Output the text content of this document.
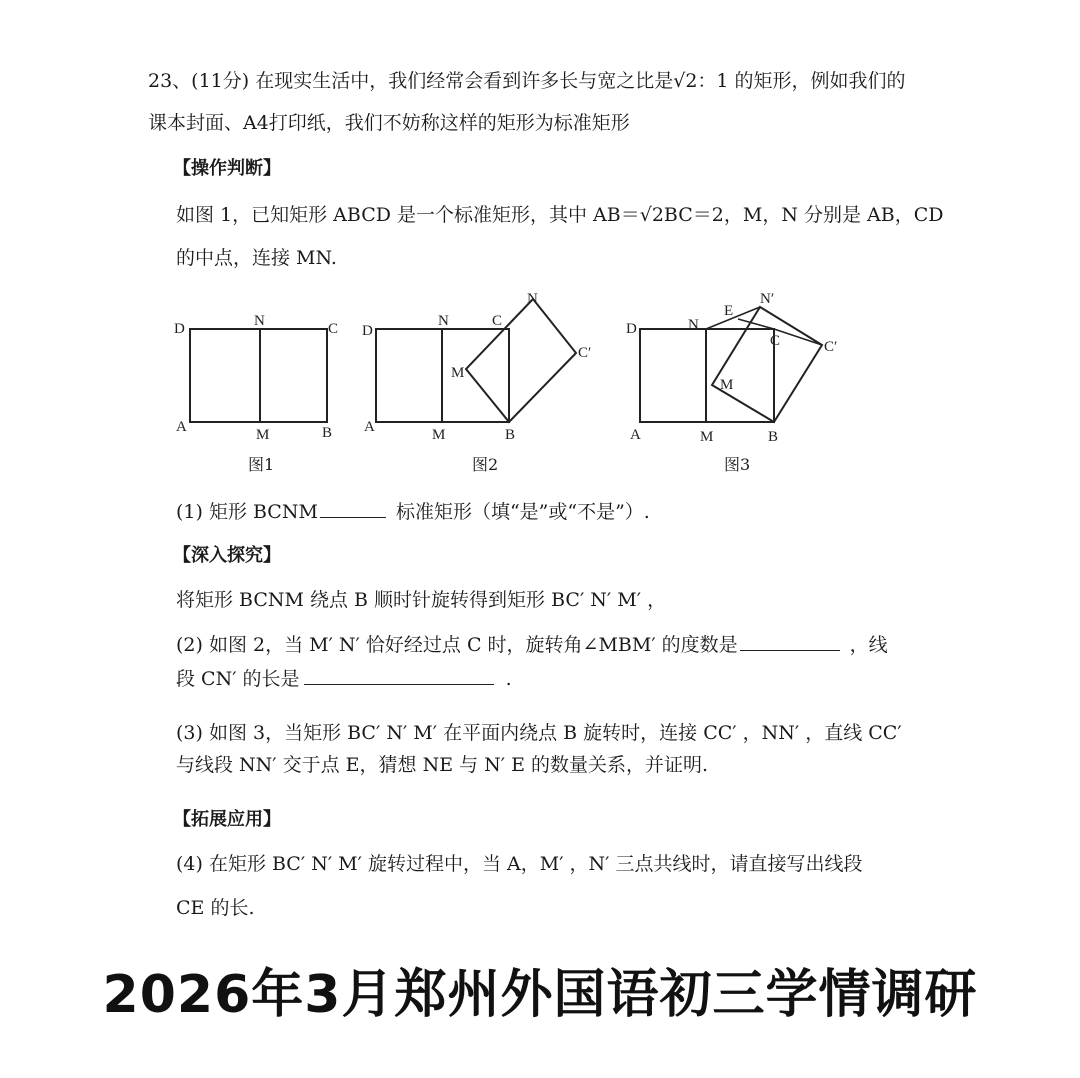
23、(11分) 在现实生活中，我们经常会看到许多长与宽之比是√2：1 的矩形，例如我们的
课本封面、A4打印纸，我们不妨称这样的矩形为标准矩形
【操作判断】
如图 1，已知矩形 ABCD 是一个标准矩形，其中 AB＝√2BC＝2，M，N 分别是 AB，CD
的中点，连接 MN.
D	N	C
A	M	B
图1
D
N	C
N
C′
M
A	M	B
图2
D	N
E
N′
C	C′
M
A	M	B
图3
(1) 矩形 BCNM	标准矩形（填“是”或“不是”）.
【深入探究】
将矩形 BCNM 绕点 B 顺时针旋转得到矩形 BC′ N′ M′ ，
(2) 如图 2，当 M′ N′ 恰好经过点 C 时，旋转角∠MBM′ 的度数是	，线
段 CN′ 的长是	.
(3) 如图 3，当矩形 BC′ N′ M′ 在平面内绕点 B 旋转时，连接 CC′ ，NN′ ，直线 CC′
与线段 NN′ 交于点 E，猜想 NE 与 N′ E 的数量关系，并证明.
【拓展应用】
(4) 在矩形 BC′ N′ M′ 旋转过程中，当 A，M′ ，N′ 三点共线时，请直接写出线段
CE 的长.
2026年3月郑州外国语初三学情调研
